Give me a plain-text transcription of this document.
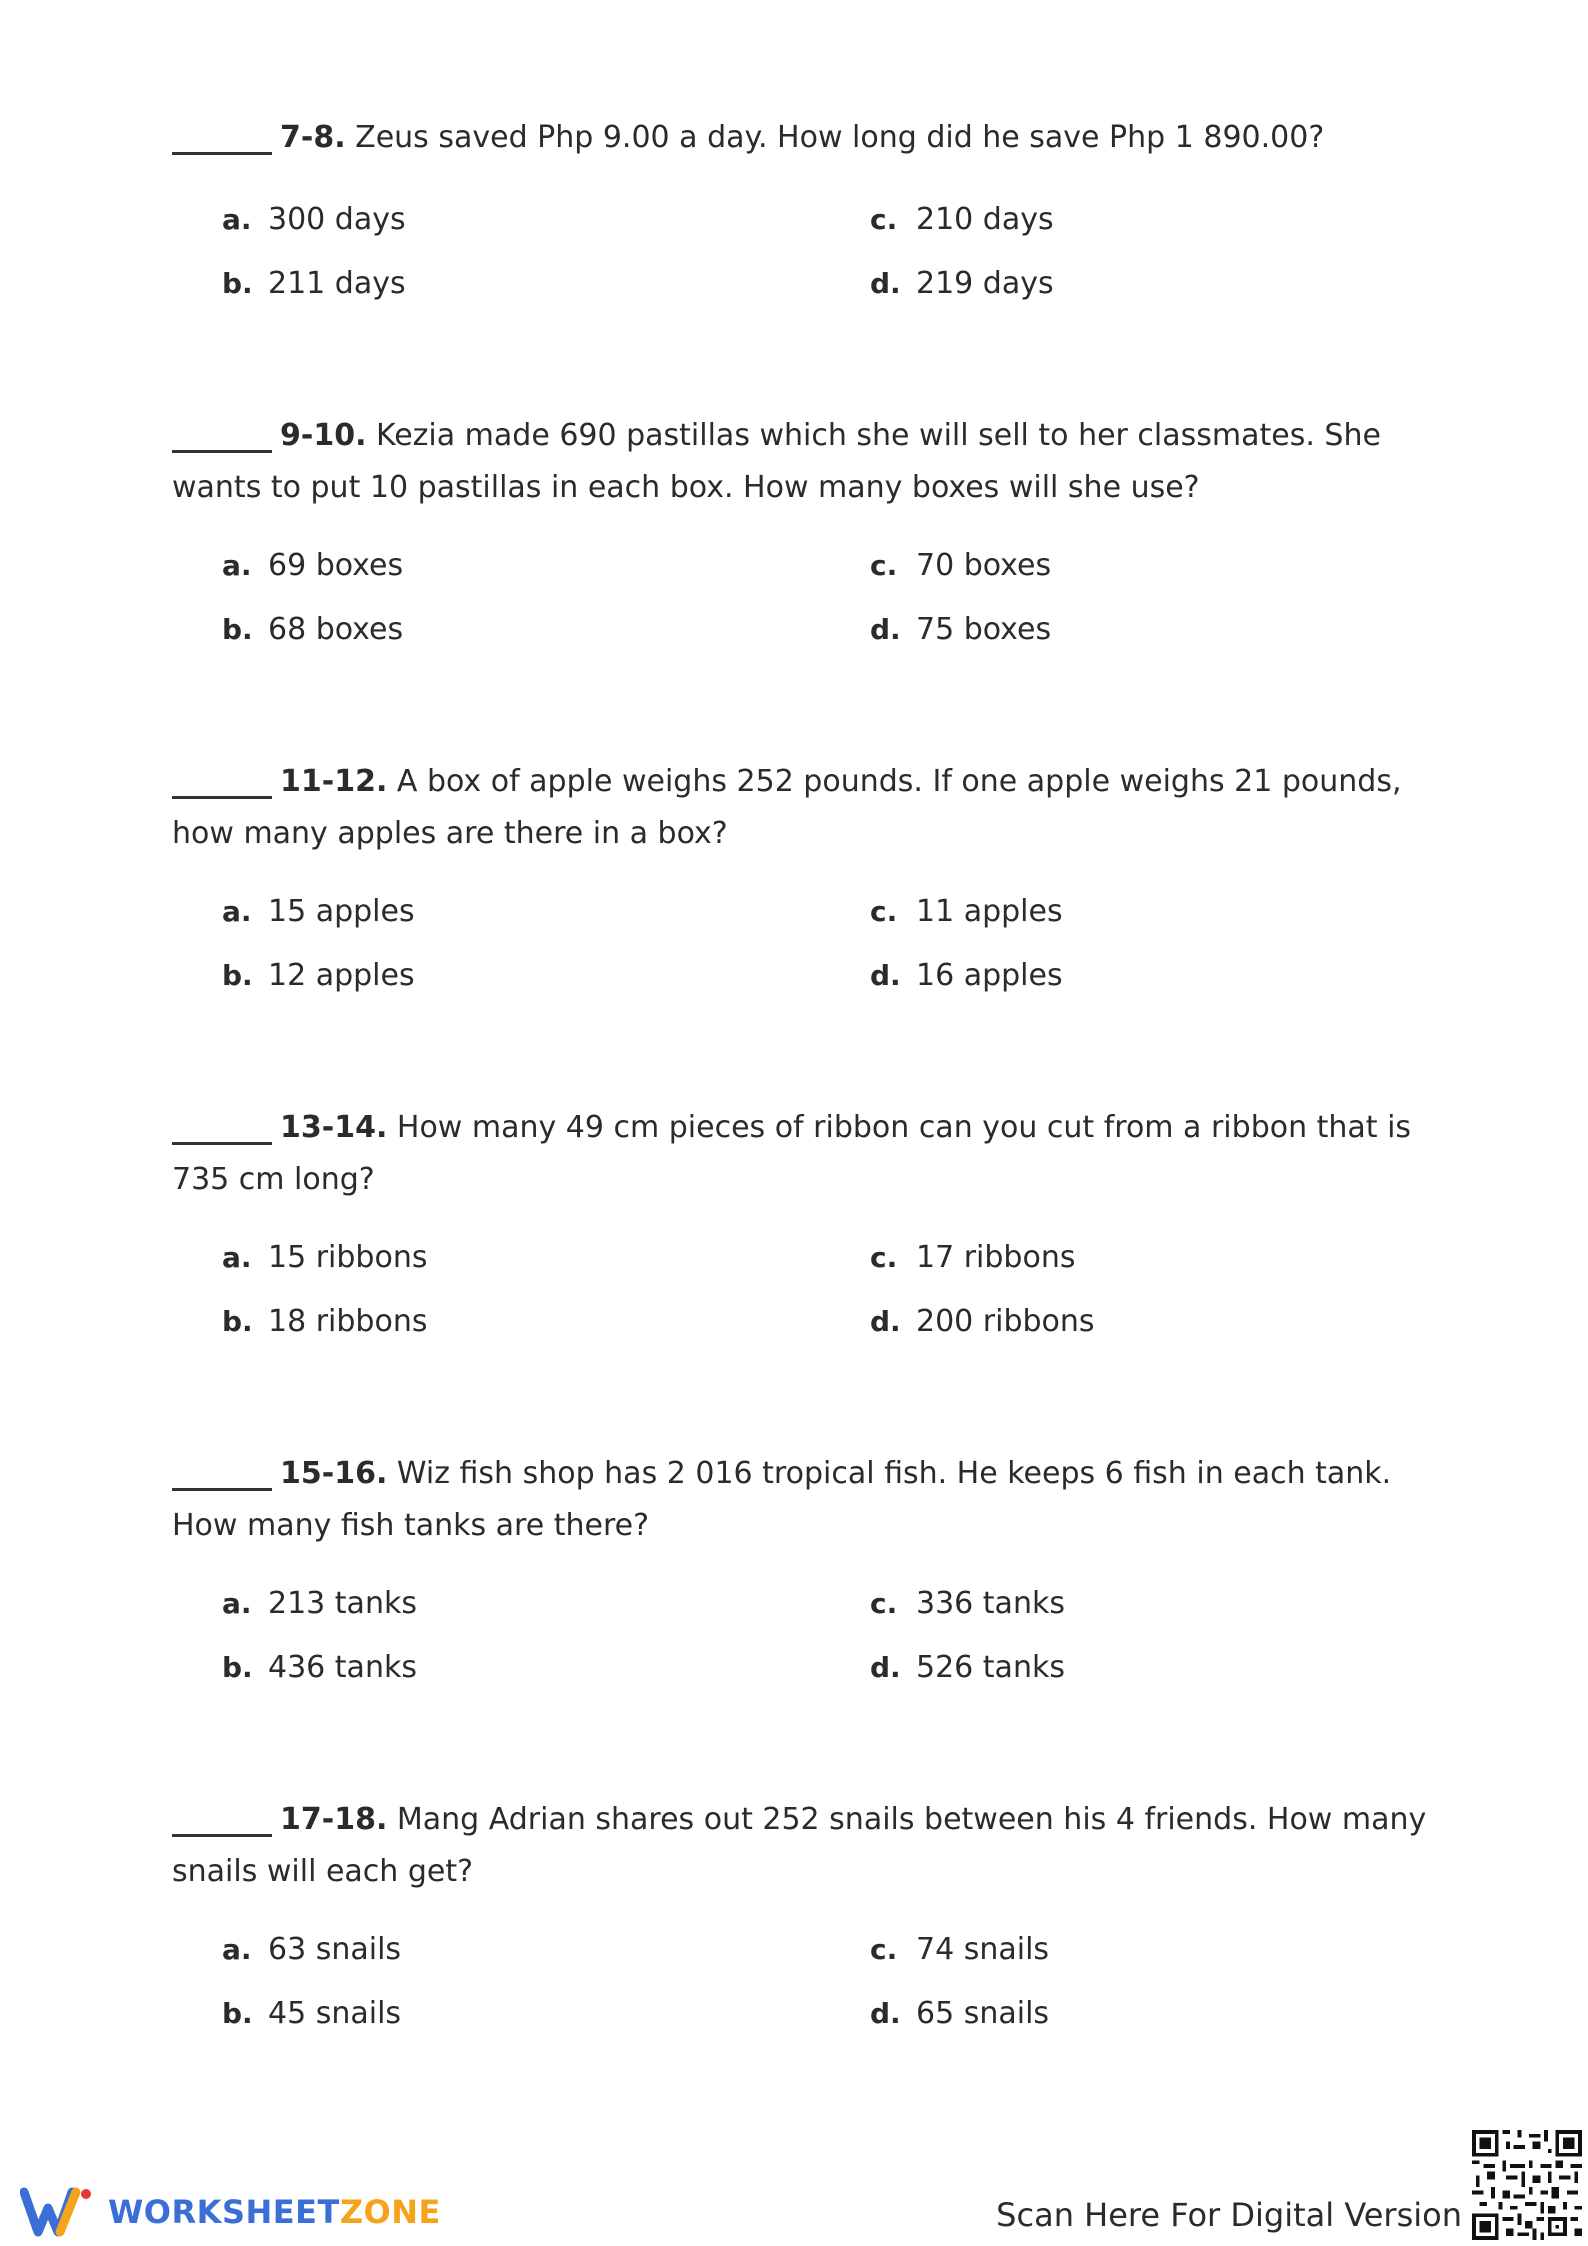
7-8. Zeus saved Php 9.00 a day. How long did he save Php 1 890.00?

a. 300 days
b. 211 days
c. 210 days
d. 219 days

9-10. Kezia made 690 pastillas which she will sell to her classmates. She wants to put 10 pastillas in each box. How many boxes will she use?

a. 69 boxes
b. 68 boxes
c. 70 boxes
d. 75 boxes

11-12. A box of apple weighs 252 pounds. If one apple weighs 21 pounds, how many apples are there in a box?

a. 15 apples
b. 12 apples
c. 11 apples
d. 16 apples

13-14. How many 49 cm pieces of ribbon can you cut from a ribbon that is 735 cm long?

a. 15 ribbons
b. 18 ribbons
c. 17 ribbons
d. 200 ribbons

15-16. Wiz fish shop has 2 016 tropical fish. He keeps 6 fish in each tank. How many fish tanks are there?

a. 213 tanks
b. 436 tanks
c. 336 tanks
d. 526 tanks

17-18. Mang Adrian shares out 252 snails between his 4 friends. How many snails will each get?

a. 63 snails
b. 45 snails
c. 74 snails
d. 65 snails
WORKSHEETZONE	Scan Here For Digital Version
